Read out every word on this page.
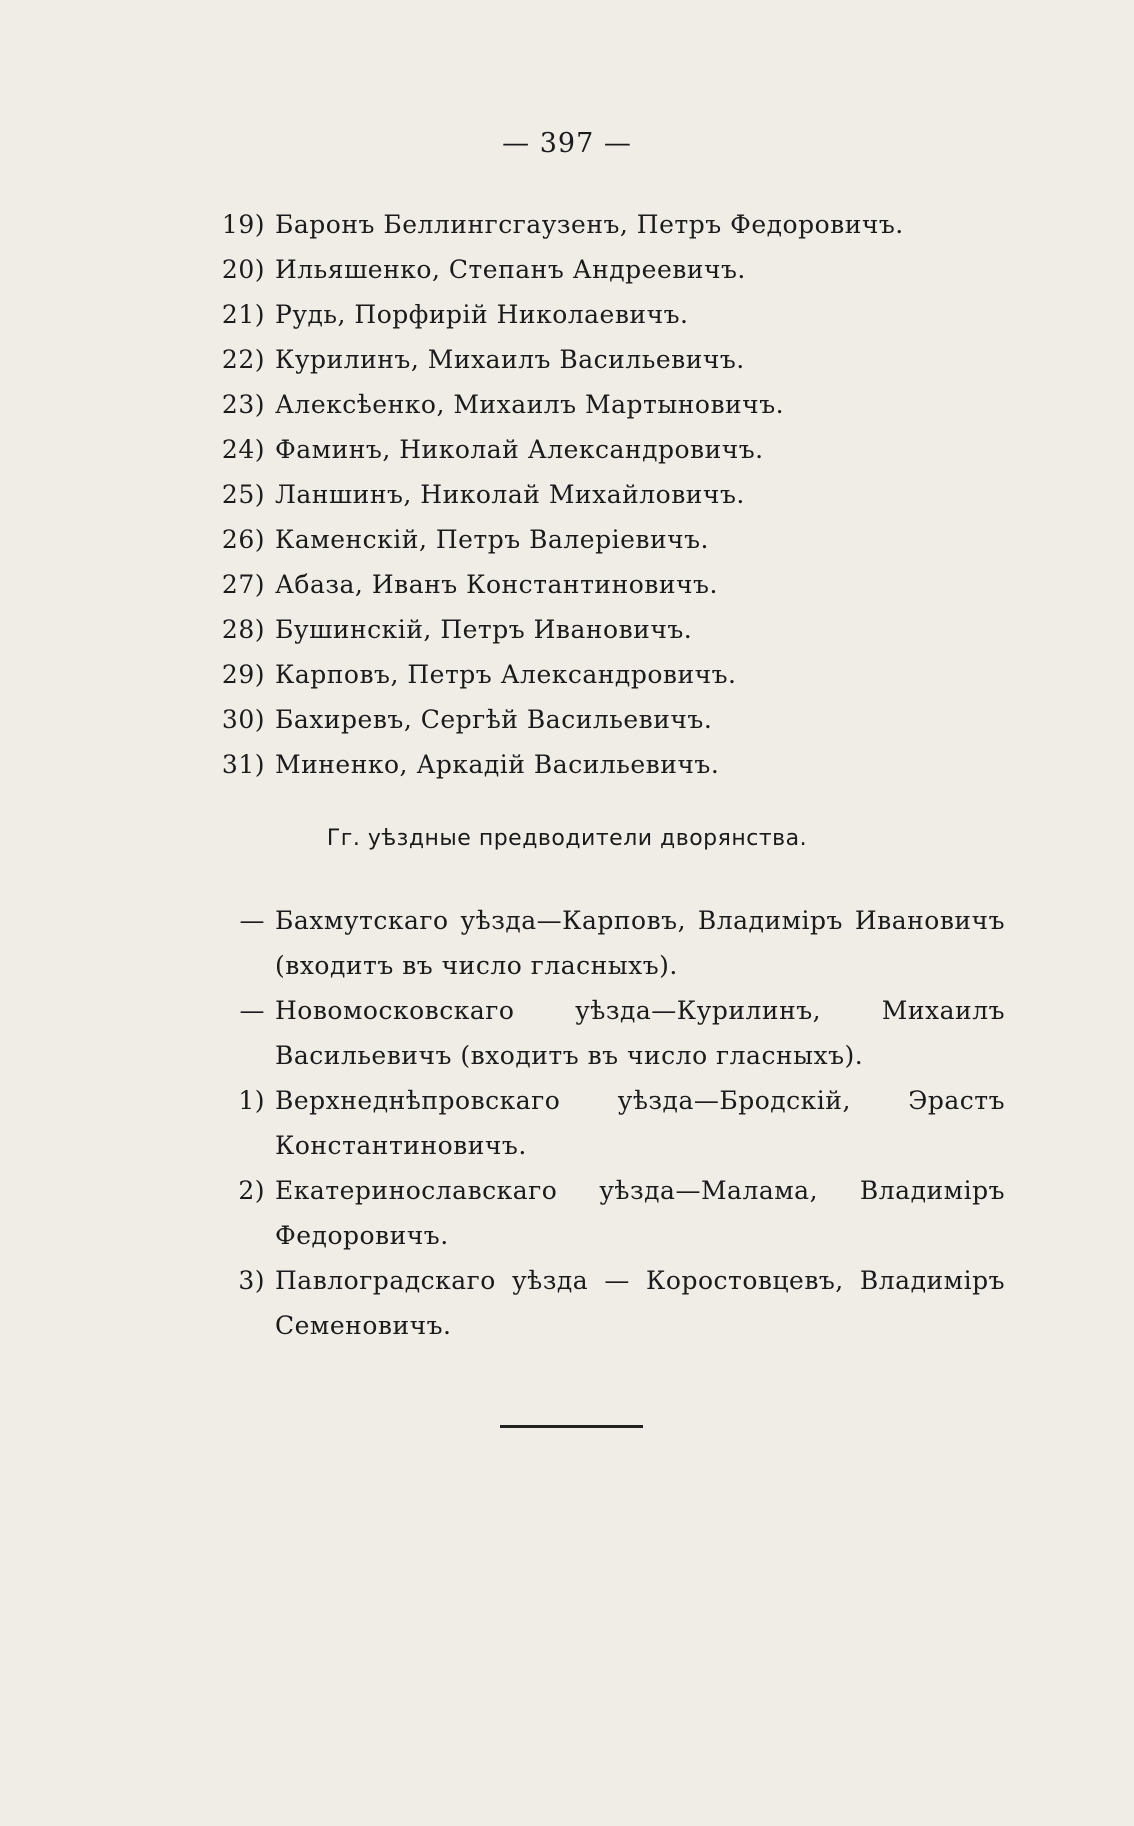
— 397 —
19) Баронъ Беллингсгаузенъ, Петръ Федоровичъ.
20) Ильяшенко, Степанъ Андреевичъ.
21) Рудь, Порфирій Николаевичъ.
22) Курилинъ, Михаилъ Васильевичъ.
23) Алексѣенко, Михаилъ Мартыновичъ.
24) Фаминъ, Николай Александровичъ.
25) Ланшинъ, Николай Михайловичъ.
26) Каменскій, Петръ Валеріевичъ.
27) Абаза, Иванъ Константиновичъ.
28) Бушинскій, Петръ Ивановичъ.
29) Карповъ, Петръ Александровичъ.
30) Бахиревъ, Сергѣй Васильевичъ.
31) Миненко, Аркадій Васильевичъ.
Гг. уѣздные предводители дворянства.
— Бахмутскаго уѣзда—Карповъ, Владиміръ Ивановичъ (входитъ въ число гласныхъ).
— Новомосковскаго уѣзда—Курилинъ, Михаилъ Васильевичъ (входитъ въ число гласныхъ).
1) Верхнеднѣпровскаго уѣзда—Бродскій, Эрастъ Константиновичъ.
2) Екатеринославскаго уѣзда—Малама, Владиміръ Федоровичъ.
3) Павлоградскаго уѣзда — Коростовцевъ, Владиміръ Семеновичъ.
